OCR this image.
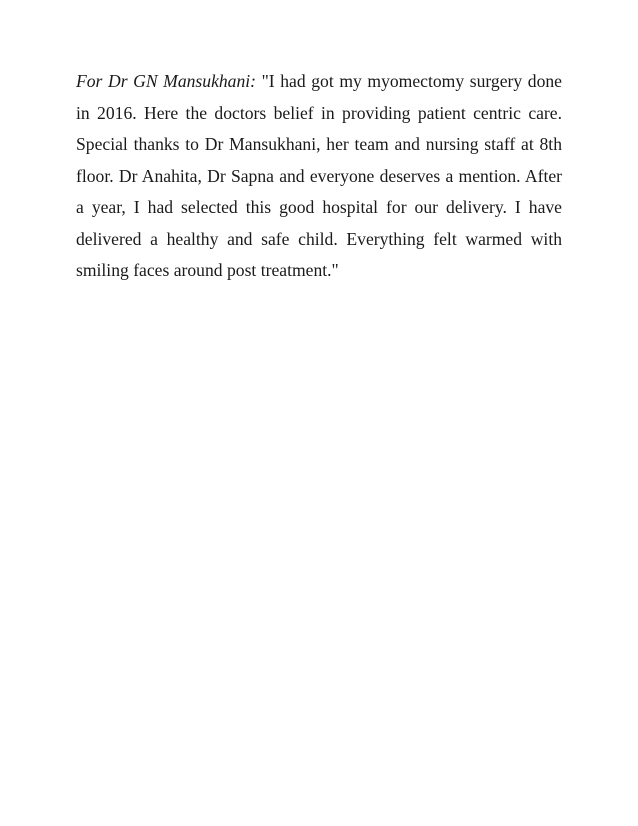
For Dr GN Mansukhani: "I had got my myomectomy surgery done in 2016. Here the doctors belief in providing patient centric care. Special thanks to Dr Mansukhani, her team and nursing staff at 8th floor. Dr Anahita, Dr Sapna and everyone deserves a mention. After a year, I had selected this good hospital for our delivery. I have delivered a healthy and safe child. Everything felt warmed with smiling faces around post treatment."
